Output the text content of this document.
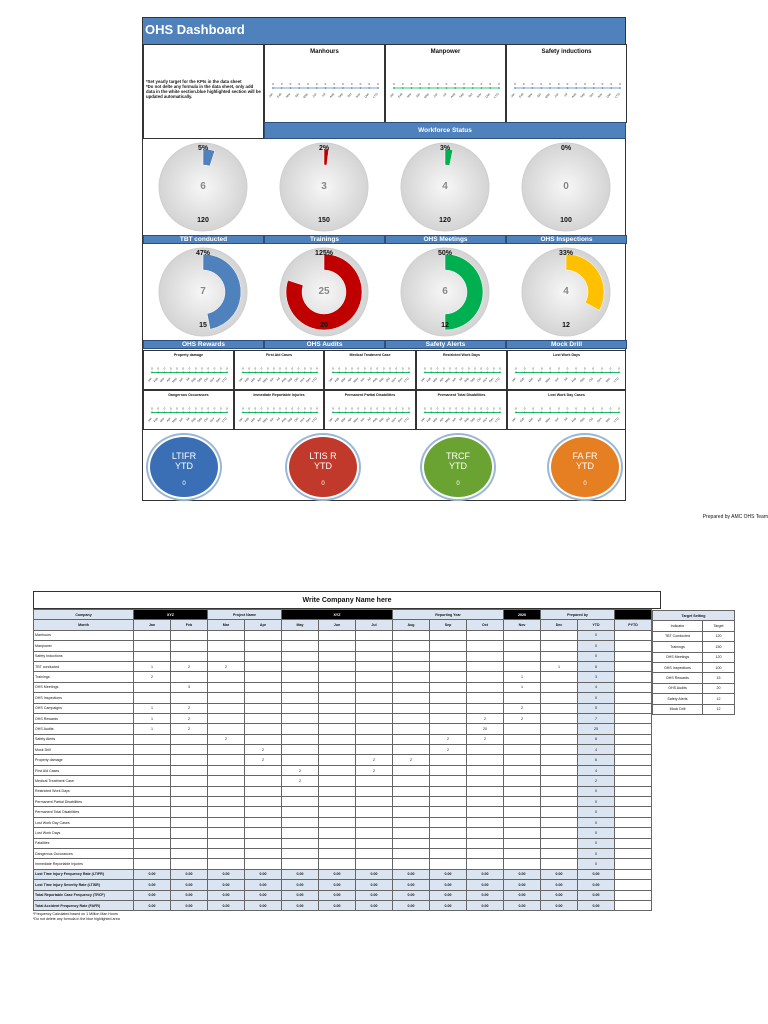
OHS Dashboard
*Set yearly target for the KPIs in the data sheet
*Do not delte any formula in the data sheet, only add data in the white section.blue highlighted section will be updated automatically.
Manhours
0
Jan
0
Feb
0
Mar
0
Apr
0
May
0
Jun
0
Jul
0
Aug
0
Sep
0
Oct
0
Nov
0
Dec
0
YTD
Manpower
0
Jan
0
Feb
0
Mar
0
Apr
0
May
0
Jun
0
Jul
0
Aug
0
Sep
0
Oct
0
Nov
0
Dec
0
YTD
Safety inductions
0
Jan
0
Feb
0
Mar
0
Apr
0
May
0
Jun
0
Jul
0
Aug
0
Sep
0
Oct
0
Nov
0
Dec
0
YTD
Workforce Status
5%
6
120
TBT conducted
2%
3
150
Trainings
3%
4
120
OHS Meetings
0%
0
100
OHS Inspections
47%
7
15
OHS Rewards
125%
25
20
OHS Audits
50%
6
12
Safety Alerts
33%
4
12
Mock Drill
Property damage
0
Jan
0
Feb
0
Mar
0
Apr
0
May
0
Jun
0
Jul
0
Aug
0
Sep
0
Oct
0
Nov
0
Dec
0
YTD
First Aid Cases
0
Jan
0
Feb
0
Mar
0
Apr
0
May
0
Jun
0
Jul
0
Aug
0
Sep
0
Oct
0
Nov
0
Dec
0
YTD
Medical Treatment Case
0
Jan
0
Feb
0
Mar
0
Apr
0
May
0
Jun
0
Jul
0
Aug
0
Sep
0
Oct
0
Nov
0
Dec
0
YTD
Restricted Work Days
0
Jan
0
Feb
0
Mar
0
Apr
0
May
0
Jun
0
Jul
0
Aug
0
Sep
0
Oct
0
Nov
0
Dec
0
YTD
Lost Work Days
0
Jan
0
Feb
0
Mar
0
Apr
0
May
0
Jun
0
Jul
0
Aug
0
Sep
0
Oct
0
Nov
0
Dec
0
YTD
Dangerous Occurances
0
Jan
0
Feb
0
Mar
0
Apr
0
May
0
Jun
0
Jul
0
Aug
0
Sep
0
Oct
0
Nov
0
Dec
0
YTD
Immediate Reportable Injuries
0
Jan
0
Feb
0
Mar
0
Apr
0
May
0
Jun
0
Jul
0
Aug
0
Sep
0
Oct
0
Nov
0
Dec
0
YTD
Permanent Partial Disabilities
0
Jan
0
Feb
0
Mar
0
Apr
0
May
0
Jun
0
Jul
0
Aug
0
Sep
0
Oct
0
Nov
0
Dec
0
YTD
Permanent Total Disabilities
0
Jan
0
Feb
0
Mar
0
Apr
0
May
0
Jun
0
Jul
0
Aug
0
Sep
0
Oct
0
Nov
0
Dec
0
YTD
Lost Work Day Cases
0
Jan
0
Feb
0
Mar
0
Apr
0
May
0
Jun
0
Jul
0
Aug
0
Sep
0
Oct
0
Nov
0
Dec
0
YTD
LTIFR
YTD
0
LTIS R
YTD
0
TRCF
YTD
0
FA FR
YTD
0
Prepared by AMC OHS Team
Write Company Name here
Company	XYZ		Project Name		XYZ			Reporting Year			2020	Prepared by		
Month	Jan	Feb	Mar	Apr	May	Jun	Jul	Aug	Sep	Oct	Nov	Dec	YTD	PYTD
Manhours													0	
Manpower													0	
Safety Inductions													0	
TBT conducted	1	2	2									1	6	
Trainings	2										1		3	
OHS Meetings		3									1		4	
OHS Inspections													0	
OHS Campaigns	1	2									2		5	
OHS Rewards	1	2								2	2		7	
OHS Audits	1	2								20			25	
Safety Alerts			2						2	2			6	
Mock Drill				2					2				4	
Property damage				2			2	2					6	
First Aid Cases					2		2						4	
Medical Treatment Case					2								2	
Restricted Work Days													0	
Permanent Partial Disabilities													0	
Permanent Total Disabilities													0	
Lost Work Day Cases													0	
Lost Work Days													0	
Fatalities													0	
Dangerous Occurances													0	
Immediate Reportable Injuries													0	
Lost Time Injury Frequency Rate (LTIFR)	0.00	0.00	0.00	0.00	0.00	0.00	0.00	0.00	0.00	0.00	0.00	0.00	0.00	
Lost Time Injury Severity Rate (LTISR)	0.00	0.00	0.00	0.00	0.00	0.00	0.00	0.00	0.00	0.00	0.00	0.00	0.00	
Total Reportable Case Frequency (TRCF)	0.00	0.00	0.00	0.00	0.00	0.00	0.00	0.00	0.00	0.00	0.00	0.00	0.00	
Total Accident Frequency Rate (FAFR)	0.00	0.00	0.00	0.00	0.00	0.00	0.00	0.00	0.00	0.00	0.00	0.00	0.00	
*Frequency Calculated based on 1 Million Man Hours
*Do not delete any formula in the blue highlighted area
Target Setting	
Indicator	Target
TBT Conducted	120
Trainings	150
OHS Meetings	120
OHS Inspections	100
OHS Rewards	15
OHS Audits	20
Safety Alerts	12
Mock Drill	12
